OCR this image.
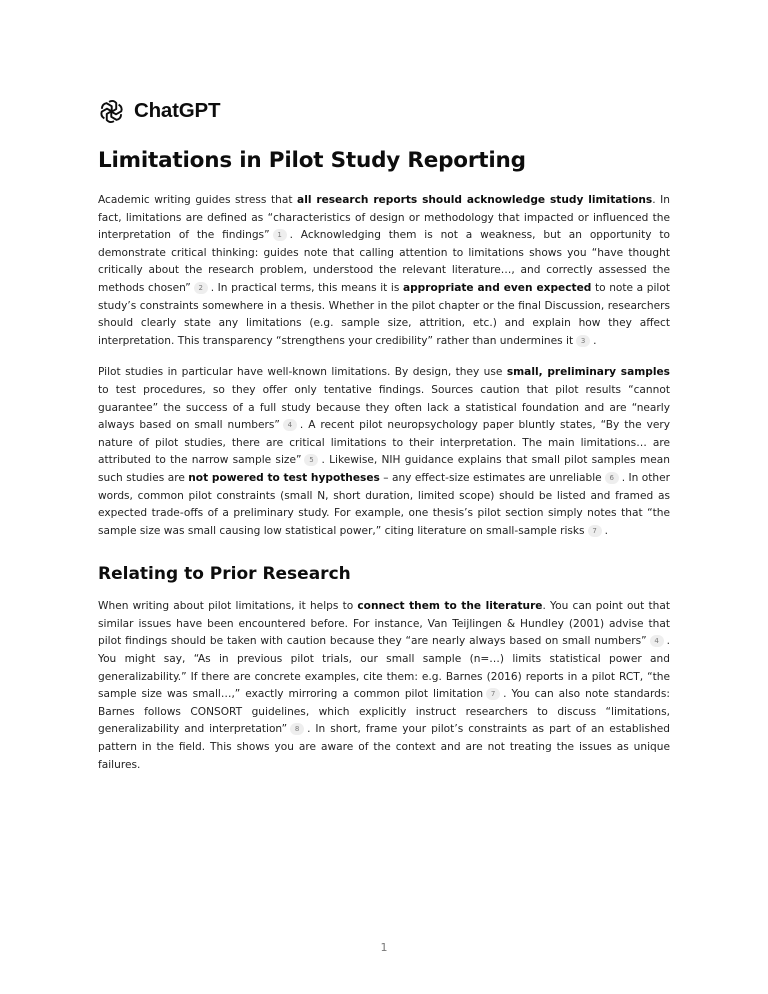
ChatGPT
Limitations in Pilot Study Reporting

Academic writing guides stress that all research reports should acknowledge study limitations. In fact, limitations are defined as “characteristics of design or methodology that impacted or influenced the interpretation of the findings” 1 . Acknowledging them is not a weakness, but an opportunity to demonstrate critical thinking: guides note that calling attention to limitations shows you “have thought critically about the research problem, understood the relevant literature…, and correctly assessed the methods chosen” 2 . In practical terms, this means it is appropriate and even expected to note a pilot study’s constraints somewhere in a thesis. Whether in the pilot chapter or the final Discussion, researchers should clearly state any limitations (e.g. sample size, attrition, etc.) and explain how they affect interpretation. This transparency “strengthens your credibility” rather than undermines it 3 .

Pilot studies in particular have well-known limitations. By design, they use small, preliminary samples to test procedures, so they offer only tentative findings. Sources caution that pilot results “cannot guarantee” the success of a full study because they often lack a statistical foundation and are “nearly always based on small numbers” 4 . A recent pilot neuropsychology paper bluntly states, “By the very nature of pilot studies, there are critical limitations to their interpretation. The main limitations… are attributed to the narrow sample size” 5 . Likewise, NIH guidance explains that small pilot samples mean such studies are not powered to test hypotheses – any effect-size estimates are unreliable 6 . In other words, common pilot constraints (small N, short duration, limited scope) should be listed and framed as expected trade-offs of a preliminary study. For example, one thesis’s pilot section simply notes that “the sample size was small causing low statistical power,” citing literature on small-sample risks 7 .

Relating to Prior Research

When writing about pilot limitations, it helps to connect them to the literature. You can point out that similar issues have been encountered before. For instance, Van Teijlingen & Hundley (2001) advise that pilot findings should be taken with caution because they “are nearly always based on small numbers” 4 . You might say, “As in previous pilot trials, our small sample (n=…) limits statistical power and generalizability.” If there are concrete examples, cite them: e.g. Barnes (2016) reports in a pilot RCT, “the sample size was small…,” exactly mirroring a common pilot limitation 7 . You can also note standards: Barnes follows CONSORT guidelines, which explicitly instruct researchers to discuss “limitations, generalizability and interpretation” 8 . In short, frame your pilot’s constraints as part of an established pattern in the field. This shows you are aware of the context and are not treating the issues as unique failures.

1
